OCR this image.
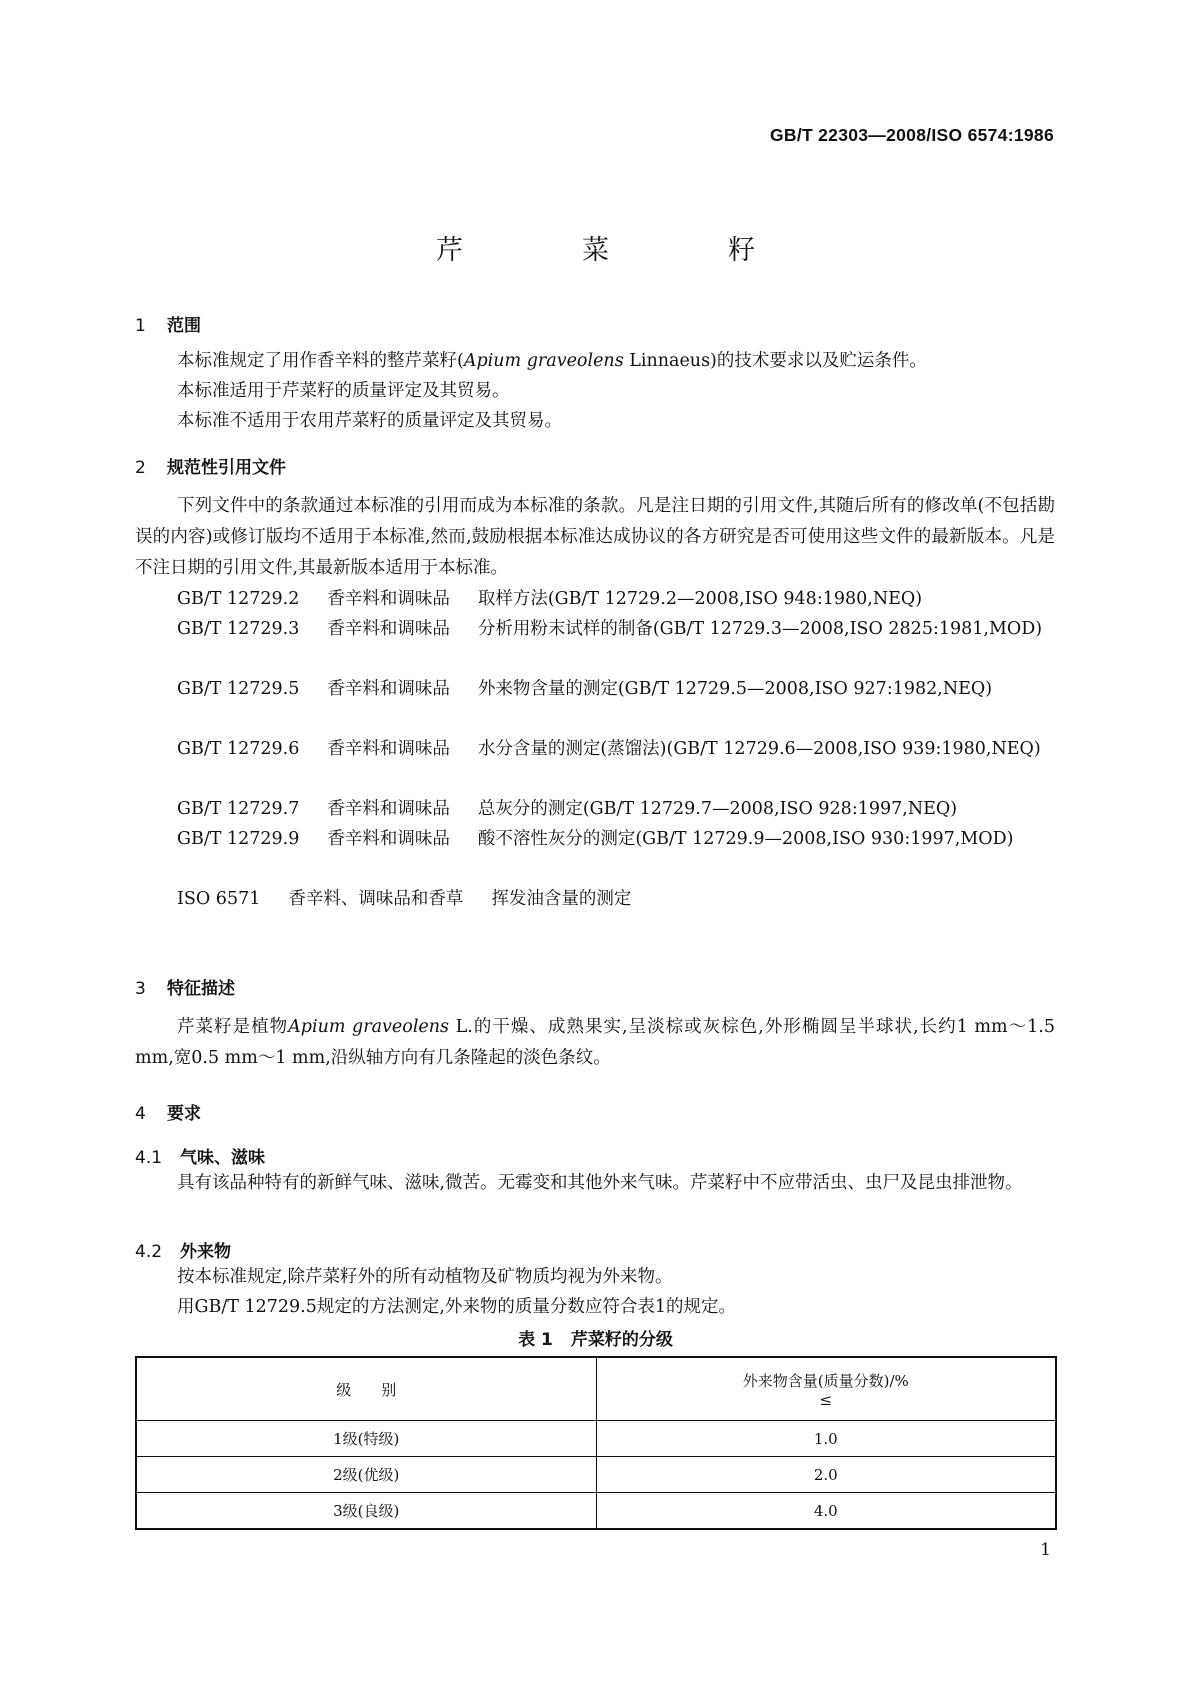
GB/T 22303—2008/ISO 6574:1986
芹　菜　籽
1 范围
本标准规定了用作香辛料的整芹菜籽(Apium graveolens Linnaeus)的技术要求以及贮运条件。
本标准适用于芹菜籽的质量评定及其贸易。
本标准不适用于农用芹菜籽的质量评定及其贸易。
2 规范性引用文件
下列文件中的条款通过本标准的引用而成为本标准的条款。凡是注日期的引用文件,其随后所有的修改单(不包括勘误的内容)或修订版均不适用于本标准,然而,鼓励根据本标准达成协议的各方研究是否可使用这些文件的最新版本。凡是不注日期的引用文件,其最新版本适用于本标准。
GB/T 12729.2 香辛料和调味品 取样方法(GB/T 12729.2—2008,ISO 948:1980,NEQ)
GB/T 12729.3 香辛料和调味品 分析用粉末试样的制备(GB/T 12729.3—2008,ISO 2825:1981,MOD)
GB/T 12729.5 香辛料和调味品 外来物含量的测定(GB/T 12729.5—2008,ISO 927:1982,NEQ)
GB/T 12729.6 香辛料和调味品 水分含量的测定(蒸馏法)(GB/T 12729.6—2008,ISO 939:1980,NEQ)
GB/T 12729.7 香辛料和调味品 总灰分的测定(GB/T 12729.7—2008,ISO 928:1997,NEQ)
GB/T 12729.9 香辛料和调味品 酸不溶性灰分的测定(GB/T 12729.9—2008,ISO 930:1997,MOD)
ISO 6571 香辛料、调味品和香草 挥发油含量的测定
3 特征描述
芹菜籽是植物Apium graveolens L.的干燥、成熟果实,呈淡棕或灰棕色,外形椭圆呈半球状,长约1 mm～1.5 mm,宽0.5 mm～1 mm,沿纵轴方向有几条隆起的淡色条纹。
4 要求
4.1 气味、滋味
具有该品种特有的新鲜气味、滋味,微苦。无霉变和其他外来气味。芹菜籽中不应带活虫、虫尸及昆虫排泄物。
4.2 外来物
按本标准规定,除芹菜籽外的所有动植物及矿物质均视为外来物。
用GB/T 12729.5规定的方法测定,外来物的质量分数应符合表1的规定。
表 1 芹菜籽的分级
级　　别	外来物含量(质量分数)/%
≤

1级(特级)	1.0
2级(优级)	2.0
3级(良级)	4.0
1
